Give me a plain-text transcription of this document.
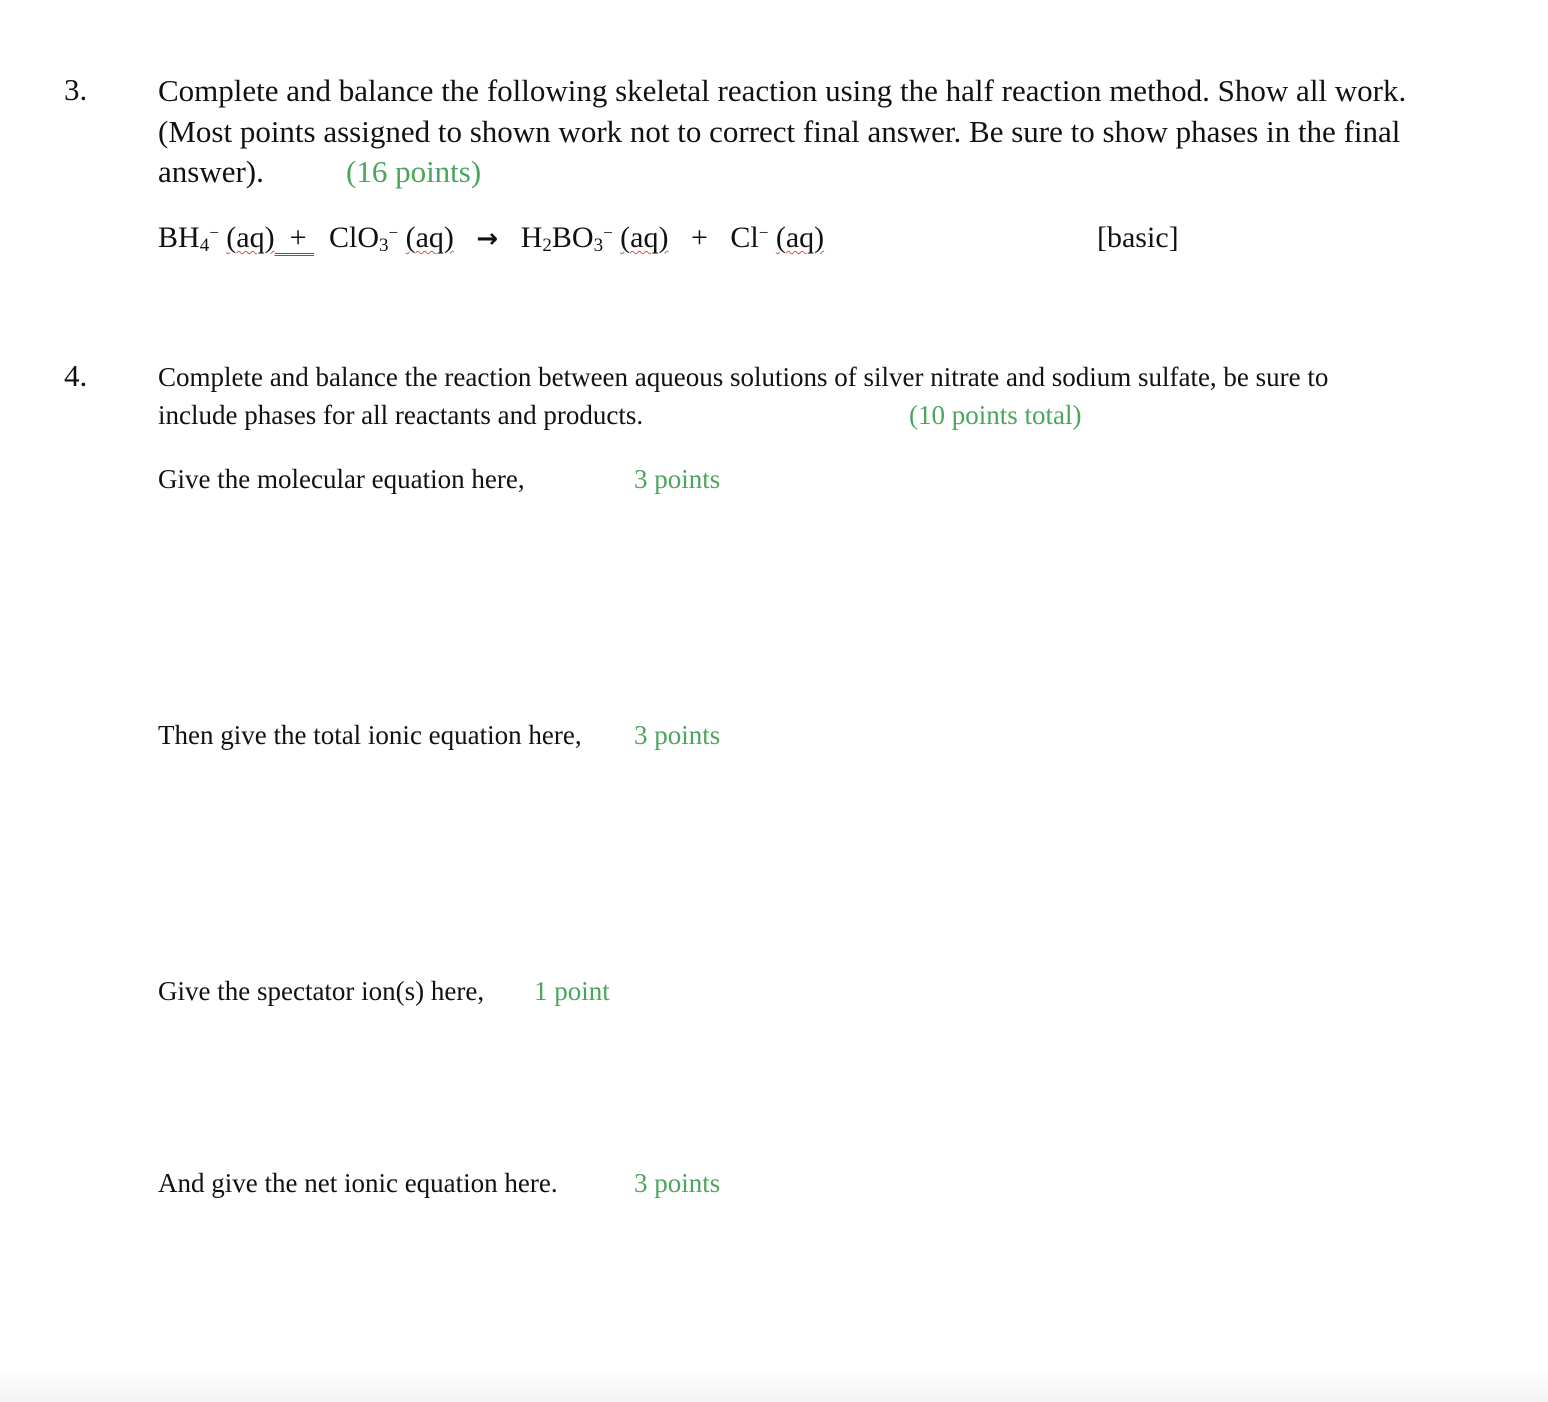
3. Complete and balance the following skeletal reaction using the half reaction method. Show all work.
(Most points assigned to shown work not to correct final answer. Be sure to show phases in the final
answer).	(16 points)
$BH_4^-$ (aq) + ClO$_3$− $(aq) \to H_2BO_3^-$ (aq) + Cl− (aq)	[basic]
4.	Complete and balance the reaction between aqueous solutions of silver nitrate and sodium sulfate, be sure to
include phases for all reactants and products.	(10 points total)
Give the molecular equation here,	3 points
Then give the total ionic equation here, 3 points
Give the spectator ion(s) here, 1 point
And give the net ionic equation here.	3 points
